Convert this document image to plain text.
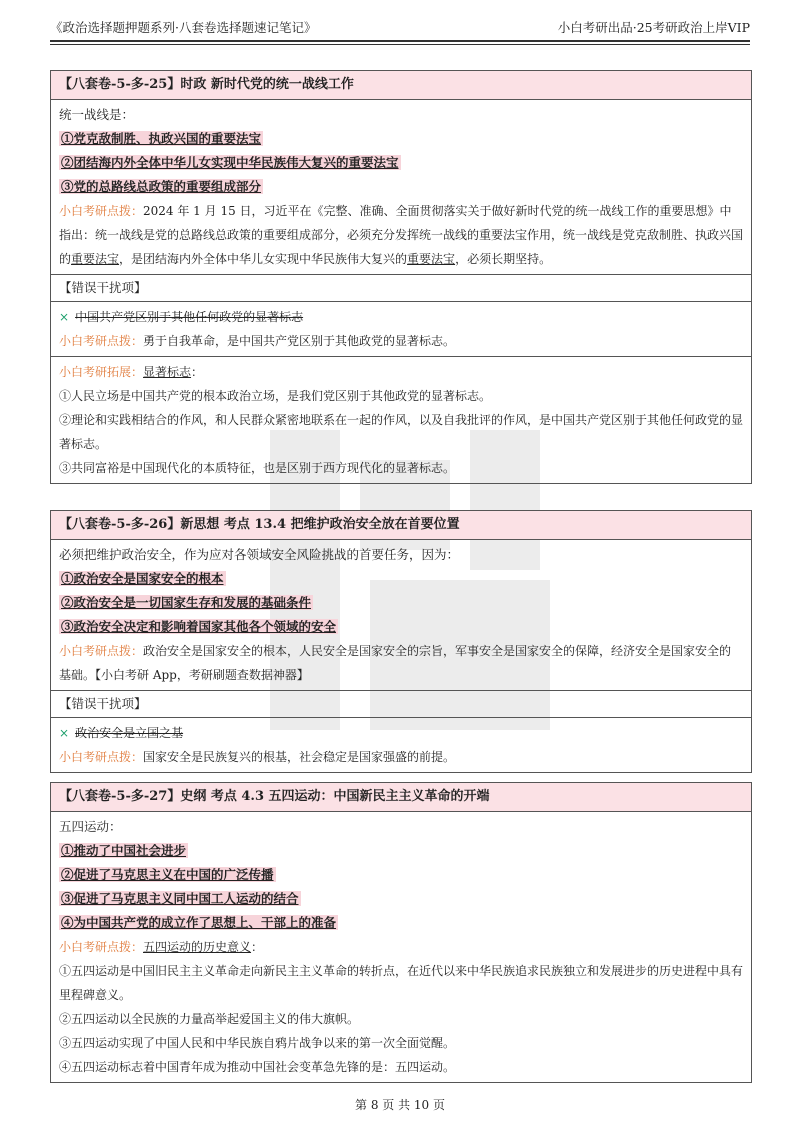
《政治选择题押题系列·八套卷选择题速记笔记》	小白考研出品·25考研政治上岸VIP
【八套卷-5-多-25】时政 新时代党的统一战线工作
统一战线是：
①党克敌制胜、执政兴国的重要法宝
②团结海内外全体中华儿女实现中华民族伟大复兴的重要法宝
③党的总路线总政策的重要组成部分
小白考研点拨：2024 年 1 月 15 日，习近平在《完整、准确、全面贯彻落实关于做好新时代党的统一战线工作的重要思想》中指出：统一战线是党的总路线总政策的重要组成部分，必须充分发挥统一战线的重要法宝作用，统一战线是党克敌制胜、执政兴国的重要法宝，是团结海内外全体中华儿女实现中华民族伟大复兴的重要法宝，必须长期坚持。
【错误干扰项】
× 中国共产党区别于其他任何政党的显著标志
小白考研点拨：勇于自我革命，是中国共产党区别于其他政党的显著标志。
小白考研拓展：显著标志：
①人民立场是中国共产党的根本政治立场，是我们党区别于其他政党的显著标志。
②理论和实践相结合的作风，和人民群众紧密地联系在一起的作风，以及自我批评的作风，是中国共产党区别于其他任何政党的显著标志。
③共同富裕是中国现代化的本质特征，也是区别于西方现代化的显著标志。
【八套卷-5-多-26】新思想 考点 13.4 把维护政治安全放在首要位置
必须把维护政治安全，作为应对各领域安全风险挑战的首要任务，因为：
①政治安全是国家安全的根本
②政治安全是一切国家生存和发展的基础条件
③政治安全决定和影响着国家其他各个领域的安全
小白考研点拨：政治安全是国家安全的根本，人民安全是国家安全的宗旨，军事安全是国家安全的保障，经济安全是国家安全的基础。【小白考研 App，考研刷题查数据神器】
【错误干扰项】
× 政治安全是立国之基
小白考研点拨：国家安全是民族复兴的根基，社会稳定是国家强盛的前提。
【八套卷-5-多-27】史纲 考点 4.3 五四运动：中国新民主主义革命的开端
五四运动：
①推动了中国社会进步
②促进了马克思主义在中国的广泛传播
③促进了马克思主义同中国工人运动的结合
④为中国共产党的成立作了思想上、干部上的准备
小白考研点拨：五四运动的历史意义：
①五四运动是中国旧民主主义革命走向新民主主义革命的转折点，在近代以来中华民族追求民族独立和发展进步的历史进程中具有里程碑意义。
②五四运动以全民族的力量高举起爱国主义的伟大旗帜。
③五四运动实现了中国人民和中华民族自鸦片战争以来的第一次全面觉醒。
④五四运动标志着中国青年成为推动中国社会变革急先锋的是：五四运动。
第 8 页 共 10 页
